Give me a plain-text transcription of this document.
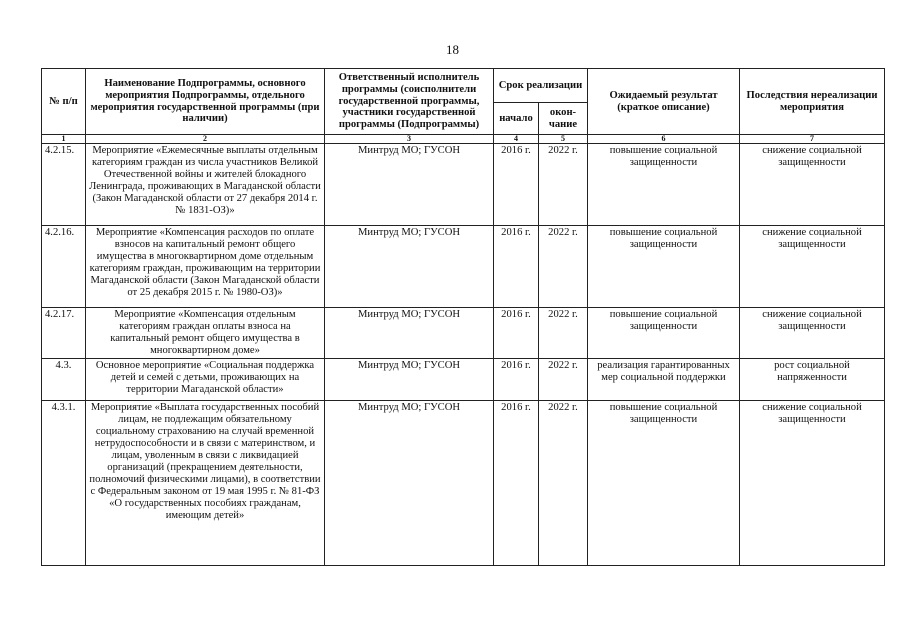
18
№ п/п	Наименование Подпрограммы, основного мероприятия Подпрограммы, отдельного мероприятия государственной программы (при наличии)	Ответственный исполнитель программы (соисполнители государственной программы, участники государственной программы (Подпрограммы)	Срок реализации		Ожидаемый результат (краткое описание)	Последствия нереализации мероприятия
			начало	окон-чание		
1	2	3	4	5	6	7
4.2.15.	Мероприятие «Ежемесячные выплаты отдельным категориям граждан из числа участников Великой Отечественной войны и жителей блокадного Ленинграда, проживающих в Магаданской области (Закон Магаданской области от 27 декабря 2014 г. № 1831-ОЗ)»	Минтруд МО; ГУСОН	2016 г.	2022 г.	повышение социальной защищенности	снижение социальной защищенности
4.2.16.	Мероприятие «Компенсация расходов по оплате взносов на капитальный ремонт общего имущества в многоквартирном доме отдельным категориям граждан, проживающим на территории Магаданской области (Закон Магаданской области от 25 декабря 2015 г. № 1980-ОЗ)»	Минтруд МО; ГУСОН	2016 г.	2022 г.	повышение социальной защищенности	снижение социальной защищенности
4.2.17.	Мероприятие «Компенсация отдельным категориям граждан оплаты взноса на капитальный ремонт общего имущества в многоквартирном доме»	Минтруд МО; ГУСОН	2016 г.	2022 г.	повышение социальной защищенности	снижение социальной защищенности
4.3.	Основное мероприятие «Социальная поддержка детей и семей с детьми, проживающих на территории Магаданской области»	Минтруд МО; ГУСОН	2016 г.	2022 г.	реализация гарантированных мер социальной поддержки	рост социальной напряженности
4.3.1.	Мероприятие «Выплата государственных пособий лицам, не подлежащим обязательному социальному страхованию на случай временной нетрудоспособности и в связи с материнством, и лицам, уволенным в связи с ликвидацией организаций (прекращением деятельности, полномочий физическими лицами), в соответствии с Федеральным законом от 19 мая 1995 г. № 81-ФЗ «О государственных пособиях гражданам, имеющим детей»	Минтруд МО; ГУСОН	2016 г.	2022 г.	повышение социальной защищенности	снижение социальной защищенности
